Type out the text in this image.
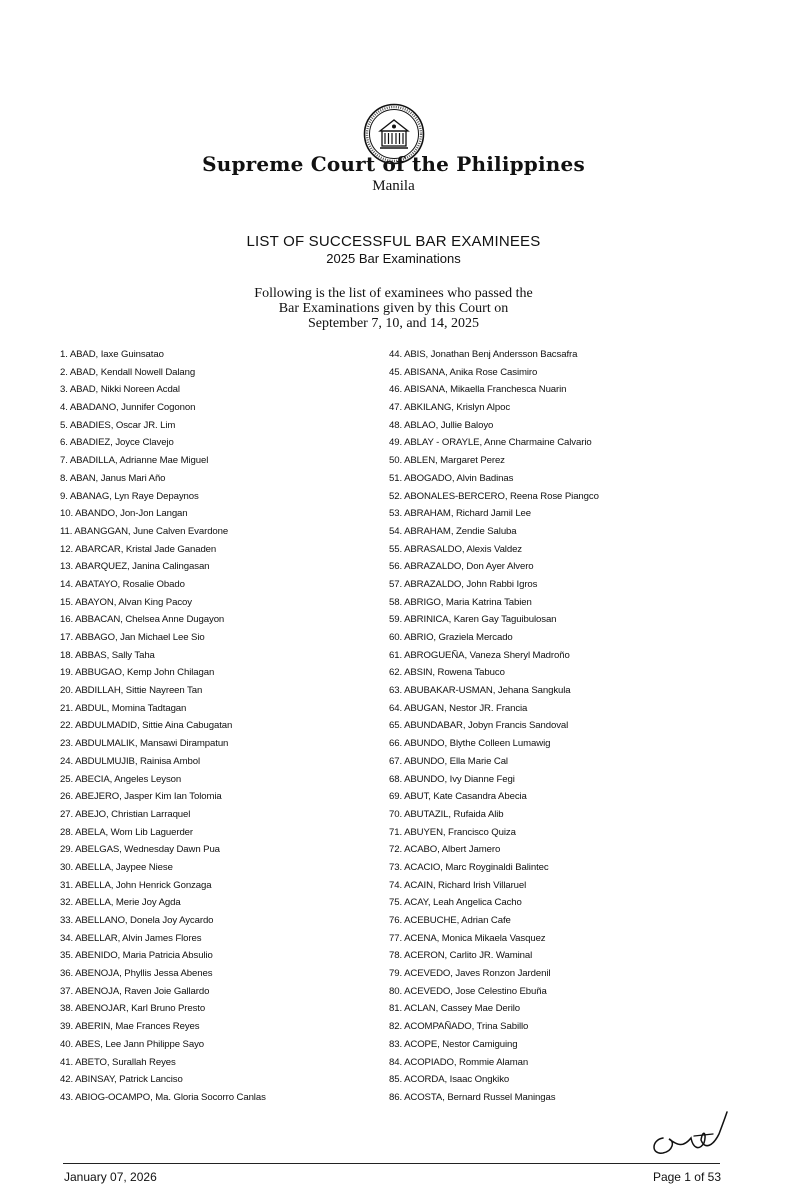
Supreme Court of the Philippines
Manila
LIST OF SUCCESSFUL BAR EXAMINEES
2025 Bar Examinations
Following is the list of examinees who passed the
Bar Examinations given by this Court on
September 7, 10, and 14, 2025
1. ABAD, Iaxe Guinsatao
2. ABAD, Kendall Nowell Dalang
3. ABAD, Nikki Noreen Acdal
4. ABADANO, Junnifer Cogonon
5. ABADIES, Oscar JR. Lim
6. ABADIEZ, Joyce Clavejo
7. ABADILLA, Adrianne Mae Miguel
8. ABAN, Janus Mari Año
9. ABANAG, Lyn Raye Depaynos
10. ABANDO, Jon-Jon Langan
11. ABANGGAN, June Calven Evardone
12. ABARCAR, Kristal Jade Ganaden
13. ABARQUEZ, Janina Calingasan
14. ABATAYO, Rosalie Obado
15. ABAYON, Alvan King Pacoy
16. ABBACAN, Chelsea Anne Dugayon
17. ABBAGO, Jan Michael Lee Sio
18. ABBAS, Sally Taha
19. ABBUGAO, Kemp John Chilagan
20. ABDILLAH, Sittie Nayreen Tan
21. ABDUL, Momina Tadtagan
22. ABDULMADID, Sittie Aina Cabugatan
23. ABDULMALIK, Mansawi Dirampatun
24. ABDULMUJIB, Rainisa Ambol
25. ABECIA, Angeles Leyson
26. ABEJERO, Jasper Kim Ian Tolomia
27. ABEJO, Christian Larraquel
28. ABELA, Wom Lib Laguerder
29. ABELGAS, Wednesday Dawn Pua
30. ABELLA, Jaypee Niese
31. ABELLA, John Henrick Gonzaga
32. ABELLA, Merie Joy Agda
33. ABELLANO, Donela Joy Aycardo
34. ABELLAR, Alvin James Flores
35. ABENIDO, Maria Patricia Absulio
36. ABENOJA, Phyllis Jessa Abenes
37. ABENOJA, Raven Joie Gallardo
38. ABENOJAR, Karl Bruno Presto
39. ABERIN, Mae Frances Reyes
40. ABES, Lee Jann Philippe Sayo
41. ABETO, Surallah Reyes
42. ABINSAY, Patrick Lanciso
43. ABIOG-OCAMPO, Ma. Gloria Socorro Canlas
44. ABIS, Jonathan Benj Andersson Bacsafra
45. ABISANA, Anika Rose Casimiro
46. ABISANA, Mikaella Franchesca Nuarin
47. ABKILANG, Krislyn Alpoc
48. ABLAO, Jullie Baloyo
49. ABLAY - ORAYLE, Anne Charmaine Calvario
50. ABLEN, Margaret Perez
51. ABOGADO, Alvin Badinas
52. ABONALES-BERCERO, Reena Rose Piangco
53. ABRAHAM, Richard Jamil Lee
54. ABRAHAM, Zendie Saluba
55. ABRASALDO, Alexis Valdez
56. ABRAZALDO, Don Ayer Alvero
57. ABRAZALDO, John Rabbi Igros
58. ABRIGO, Maria Katrina Tabien
59. ABRINICA, Karen Gay Taguibulosan
60. ABRIO, Graziela Mercado
61. ABROGUEÑA, Vaneza Sheryl Madroño
62. ABSIN, Rowena Tabuco
63. ABUBAKAR-USMAN, Jehana Sangkula
64. ABUGAN, Nestor JR. Francia
65. ABUNDABAR, Jobyn Francis Sandoval
66. ABUNDO, Blythe Colleen Lumawig
67. ABUNDO, Ella Marie Cal
68. ABUNDO, Ivy Dianne Fegi
69. ABUT, Kate Casandra Abecia
70. ABUTAZIL, Rufaida Alib
71. ABUYEN, Francisco Quiza
72. ACABO, Albert Jamero
73. ACACIO, Marc Royginaldi Balintec
74. ACAIN, Richard Irish Villaruel
75. ACAY, Leah Angelica Cacho
76. ACEBUCHE, Adrian Cafe
77. ACENA, Monica Mikaela Vasquez
78. ACERON, Carlito JR. Waminal
79. ACEVEDO, Javes Ronzon Jardenil
80. ACEVEDO, Jose Celestino Ebuña
81. ACLAN, Cassey Mae Derilo
82. ACOMPAÑADO, Trina Sabillo
83. ACOPE, Nestor Camiguing
84. ACOPIADO, Rommie Alaman
85. ACORDA, Isaac Ongkiko
86. ACOSTA, Bernard Russel Maningas
January 07, 2026	Page 1 of 53
